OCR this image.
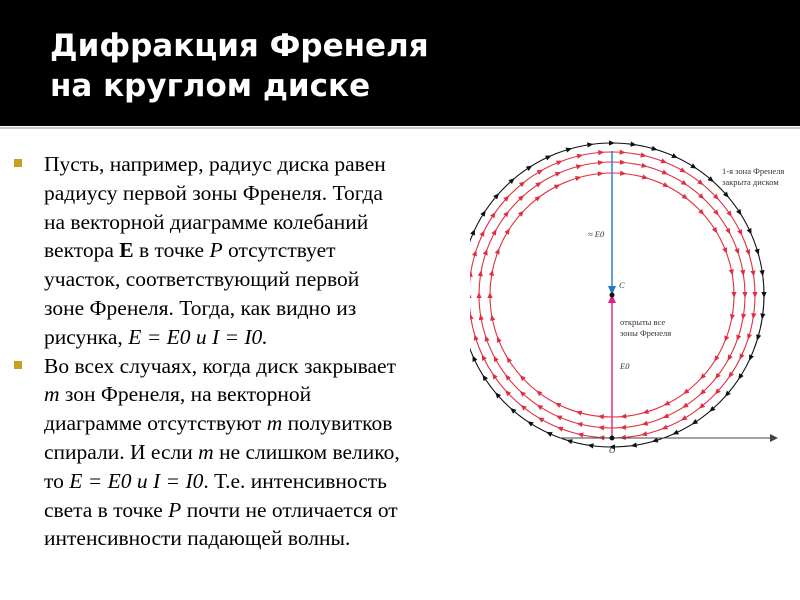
Дифракция Френеля
на круглом диске
Пусть, например, радиус диска равен
радиусу первой зоны Френеля. Тогда
на векторной диаграмме колебаний
вектора E в точке P отсутствует
участок, соответствующий первой
зоне Френеля. Тогда, как видно из
рисунка, E = E0 и I = I0.
Во всех случаях, когда диск закрывает
m зон Френеля, на векторной
диаграмме отсутствуют m полувитков
спирали. И если m не слишком велико,
то E = E0 и I = I0. Т.е. интенсивность
света в точке P почти не отличается от
интенсивности падающей волны.
1-я зона Френеля
закрыта диском
≈ E0
C
открыты все
зоны Френеля
E0
O
